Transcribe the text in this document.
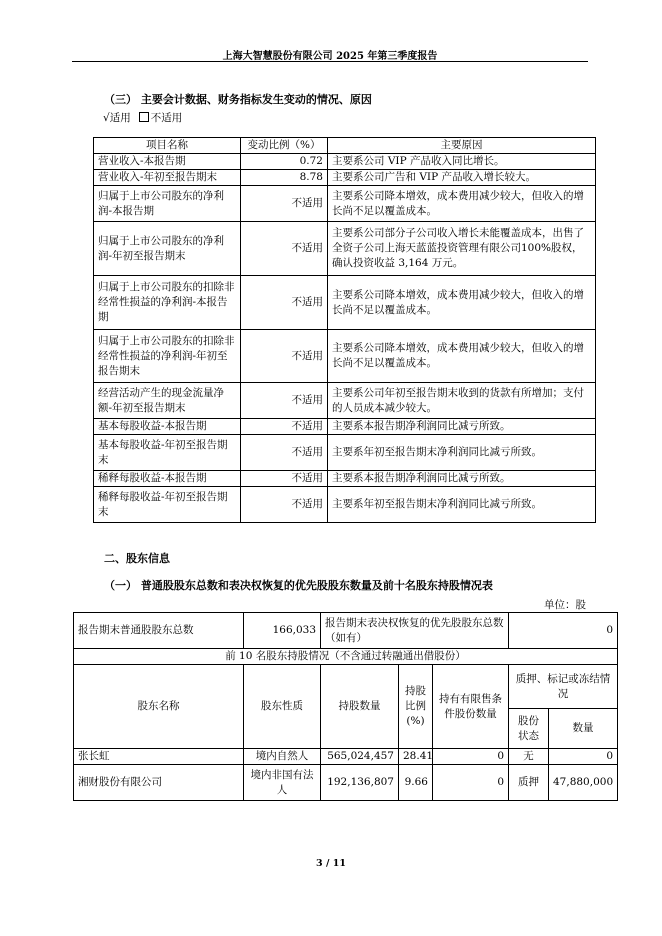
上海大智慧股份有限公司 2025 年第三季度报告
（三） 主要会计数据、财务指标发生变动的情况、原因
√适用 不适用
项目名称	变动比例（%）	主要原因
营业收入-本报告期	0.72	主要系公司 VIP 产品收入同比增长。
营业收入-年初至报告期末	8.78	主要系公司广告和 VIP 产品收入增长较大。
归属于上市公司股东的净利润-本报告期	不适用	主要系公司降本增效，成本费用减少较大，但收入的增长尚不足以覆盖成本。
归属于上市公司股东的净利润-年初至报告期末	不适用	主要系公司部分子公司收入增长未能覆盖成本，出售了全资子公司上海天蓝蓝投资管理有限公司100%股权，确认投资收益 3,164 万元。
归属于上市公司股东的扣除非经常性损益的净利润-本报告期	不适用	主要系公司降本增效，成本费用减少较大，但收入的增长尚不足以覆盖成本。
归属于上市公司股东的扣除非经常性损益的净利润-年初至报告期末	不适用	主要系公司降本增效，成本费用减少较大，但收入的增长尚不足以覆盖成本。
经营活动产生的现金流量净额-年初至报告期末	不适用	主要系公司年初至报告期末收到的货款有所增加；支付的人员成本减少较大。
基本每股收益-本报告期	不适用	主要系本报告期净利润同比减亏所致。
基本每股收益-年初至报告期末	不适用	主要系年初至报告期末净利润同比减亏所致。
稀释每股收益-本报告期	不适用	主要系本报告期净利润同比减亏所致。
稀释每股收益-年初至报告期末	不适用	主要系年初至报告期末净利润同比减亏所致。
二、股东信息
（一） 普通股股东总数和表决权恢复的优先股股东数量及前十名股东持股情况表
单位：股
报告期末普通股股东总数	166,033	报告期末表决权恢复的优先股股东总数（如有）			0	
前 10 名股东持股情况（不含通过转融通出借股份）						
股东名称	股东性质	持股数量	持股比例(%)	持有有限售条件股份数量	质押、标记或冻结情况	
					股份状态	数量
张长虹	境内自然人	565,024,457	28.41	0	无	0
湘财股份有限公司	境内非国有法人	192,136,807	9.66	0	质押	47,880,000
3 / 11
